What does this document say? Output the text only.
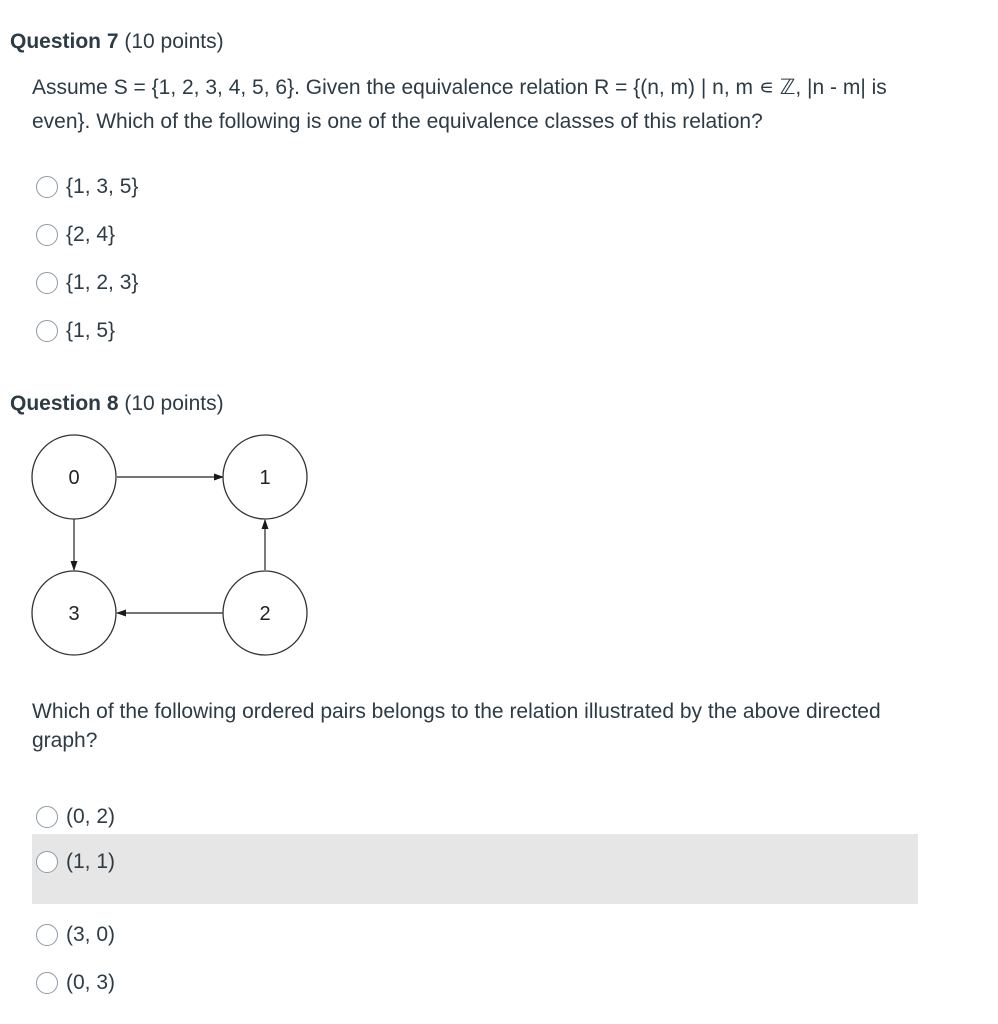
Question 7 (10 points)
Assume S = {1, 2, 3, 4, 5, 6}. Given the equivalence relation R = {(n, m) | n, m ∊ ℤ, |n - m| is even}. Which of the following is one of the equivalence classes of this relation?
{1, 3, 5}
{2, 4}
{1, 2, 3}
{1, 5}
Question 8 (10 points)
0	1
2
3
Which of the following ordered pairs belongs to the relation illustrated by the above directed graph?
(0, 2)
(1, 1)
(3, 0)
(0, 3)
